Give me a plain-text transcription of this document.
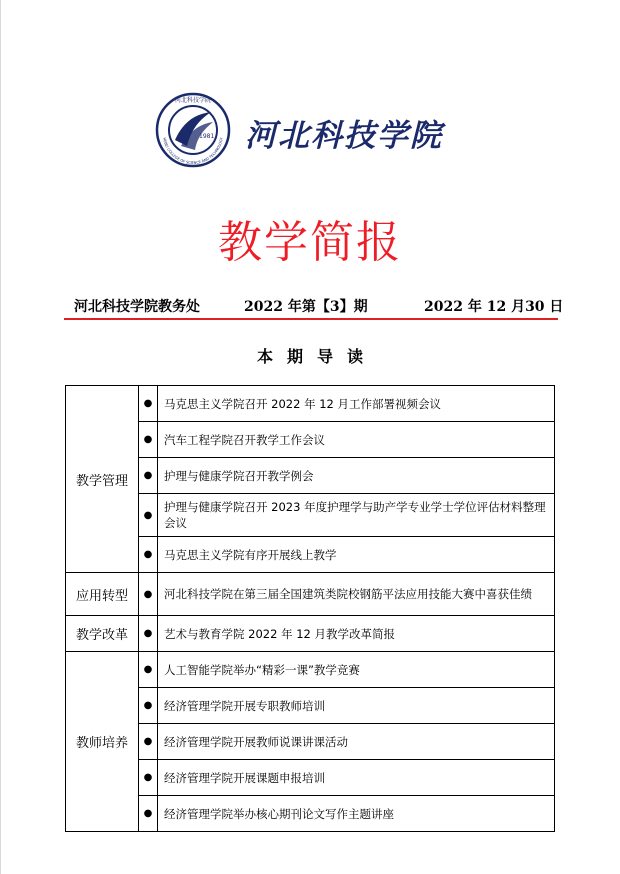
1981
河北科技学院
HEBEI COLLEGE OF SCIENCE AND TECHNOLOGY 河北科技学院
教学简报
河北科技学院教务处	2022 年第【3】期	2022 年 12 月30 日
本期导读
教学管理	●	马克思主义学院召开 2022 年 12 月工作部署视频会议
	●	汽车工程学院召开教学工作会议
	●	护理与健康学院召开教学例会
	●	护理与健康学院召开 2023 年度护理学与助产学专业学士学位评估材料整理会议
	●	马克思主义学院有序开展线上教学
应用转型	●	河北科技学院在第三届全国建筑类院校钢筋平法应用技能大赛中喜获佳绩
教学改革	●	艺术与教育学院 2022 年 12 月教学改革简报
教师培养	●	人工智能学院举办“精彩一课”教学竞赛
	●	经济管理学院开展专职教师培训
	●	经济管理学院开展教师说课讲课活动
	●	经济管理学院开展课题申报培训
	●	经济管理学院举办核心期刊论文写作主题讲座
